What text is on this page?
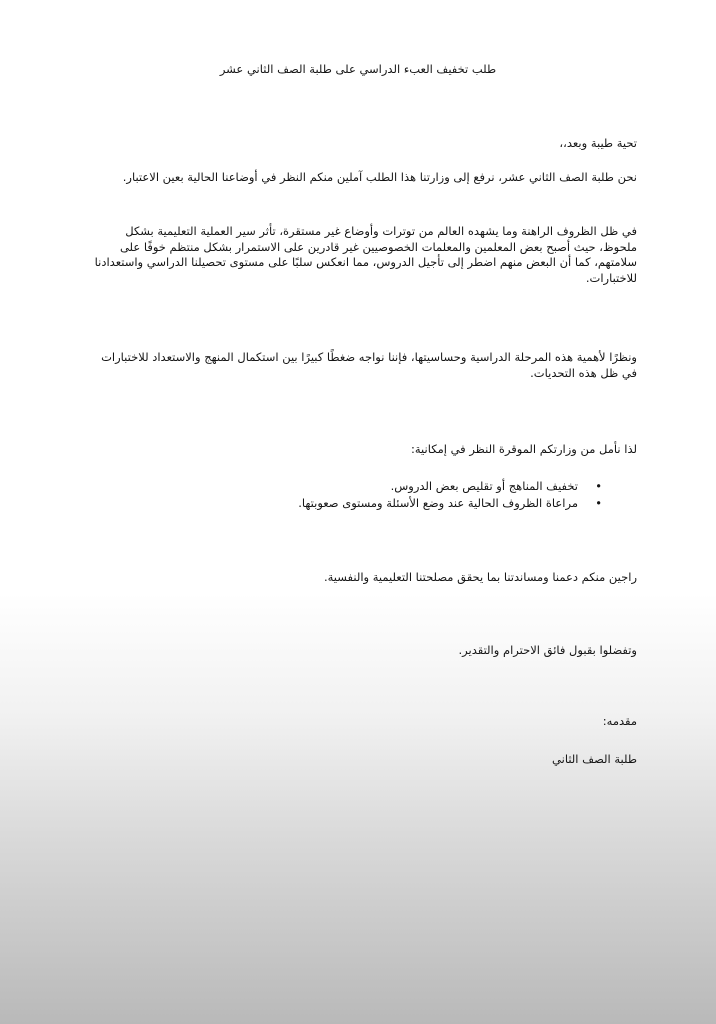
طلب تخفيف العبء الدراسي على طلبة الصف الثاني عشر

تحية طيبة وبعد،،

نحن طلبة الصف الثاني عشر، نرفع إلى وزارتنا هذا الطلب آملين منكم النظر في أوضاعنا الحالية بعين الاعتبار.

في ظل الظروف الراهنة وما يشهده العالم من توترات وأوضاع غير مستقرة، تأثر سير العملية التعليمية بشكل ملحوظ، حيث أصبح بعض المعلمين والمعلمات الخصوصيين غير قادرين على الاستمرار بشكل منتظم خوفًا على سلامتهم، كما أن البعض منهم اضطر إلى تأجيل الدروس، مما انعكس سلبًا على مستوى تحصيلنا الدراسي واستعدادنا للاختبارات.

ونظرًا لأهمية هذه المرحلة الدراسية وحساسيتها، فإننا نواجه ضغطًا كبيرًا بين استكمال المنهج والاستعداد للاختبارات في ظل هذه التحديات.

لذا نأمل من وزارتكم الموقرة النظر في إمكانية:

•
تخفيف المناهج أو تقليص بعض الدروس.
•
مراعاة الظروف الحالية عند وضع الأسئلة ومستوى صعوبتها.

راجين منكم دعمنا ومساندتنا بما يحقق مصلحتنا التعليمية والنفسية.

وتفضلوا بقبول فائق الاحترام والتقدير.

مقدمه:

طلبة الصف الثاني
